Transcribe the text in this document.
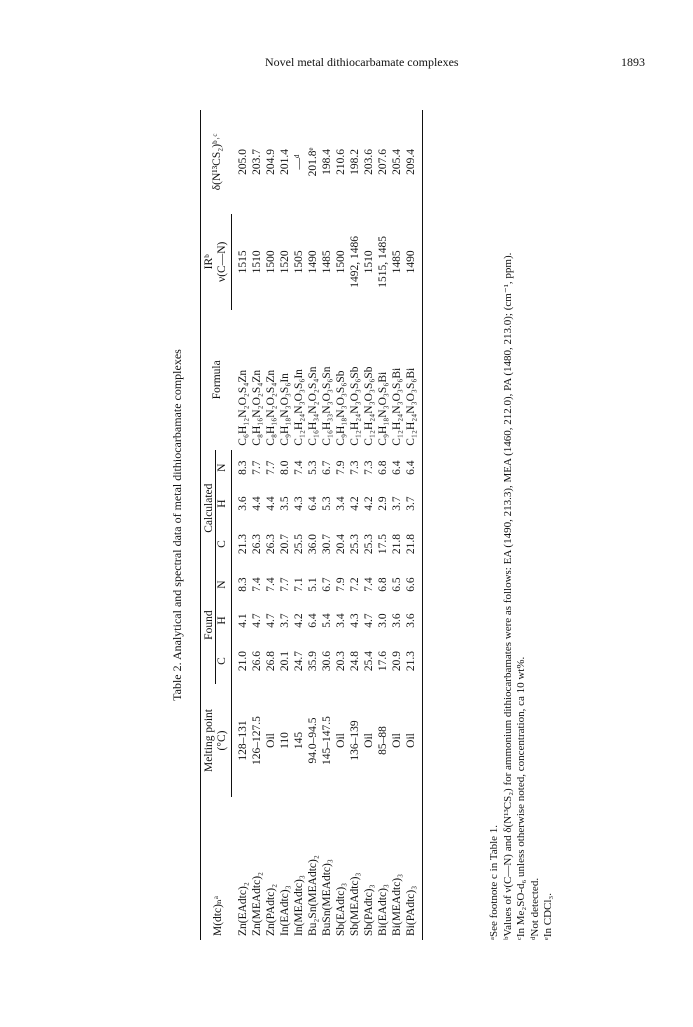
Novel metal dithiocarbamate complexes	1893
Table 2. Analytical and spectral data of metal dithiocarbamate complexes
M(dtc)ₙᵃ	Melting point	Found			Calculated			Formula	IRᵇ	δ(N¹³CS₂)ᵇ˒ᶜ
	(°C)	C	H	N	C	H	N		ν(C—N)	
Zn(EAdtc)₂	128–131	21.0	4.1	8.3	21.3	3.6	8.3	C₆H₁₂N₂O₂S₄Zn	1515	205.0
Zn(MEAdtc)₂	126–127.5	26.6	4.7	7.4	26.3	4.4	7.7	C₈H₁₆N₂O₂S₄Zn	1510	203.7
Zn(PAdtc)₂	Oil	26.8	4.7	7.4	26.3	4.4	7.7	C₈H₁₆N₂O₂S₄Zn	1500	204.9
In(EAdtc)₃	110	20.1	3.7	7.7	20.7	3.5	8.0	C₉H₁₈N₃O₃S₆In	1520	201.4
In(MEAdtc)₃	145	24.7	4.2	7.1	25.5	4.3	7.4	C₁₂H₂₄N₃O₃S₆In	1505	—ᵈ
Bu₂Sn(MEAdtc)₂	94.0–94.5	35.9	6.4	5.1	36.0	6.4	5.3	C₁₆H₃₄N₂O₂S₄Sn	1490	201.8ᵉ
BuSn(MEAdtc)₃	145–147.5	30.6	5.4	6.7	30.7	5.3	6.7	C₁₆H₃₃N₃O₃S₆Sn	1485	198.4
Sb(EAdtc)₃	Oil	20.3	3.4	7.9	20.4	3.4	7.9	C₉H₁₈N₃O₃S₆Sb	1500	210.6
Sb(MEAdtc)₃	136–139	24.8	4.3	7.2	25.3	4.2	7.3	C₁₂H₂₄N₃O₃S₆Sb	1492, 1486	198.2
Sb(PAdtc)₃	Oil	25.4	4.7	7.4	25.3	4.2	7.3	C₁₂H₂₄N₃O₃S₆Sb	1510	203.6
Bi(EAdtc)₃	85–88	17.6	3.0	6.8	17.5	2.9	6.8	C₉H₁₈N₃O₃S₆Bi	1515, 1485	207.6
Bi(MEAdtc)₃	Oil	20.9	3.6	6.5	21.8	3.7	6.4	C₁₂H₂₄N₃O₃S₆Bi	1485	205.4
Bi(PAdtc)₃	Oil	21.3	3.6	6.6	21.8	3.7	6.4	C₁₂H₂₄N₃O₃S₆Bi	1490	209.4
ᵃSee footnote c in Table 1. ᵇValues of ν(C—N) and δ(N¹³CS₂) for ammonium dithiocarbamates were as follows: EA (1490, 213.3), MEA (1460, 212.0), PA (1480, 213.0); (cm⁻¹, ppm). ᶜIn Me₂SO-d₆ unless otherwise noted, concentration, ca 10 wt%. ᵈNot detected. ᵉIn CDCl₃.
